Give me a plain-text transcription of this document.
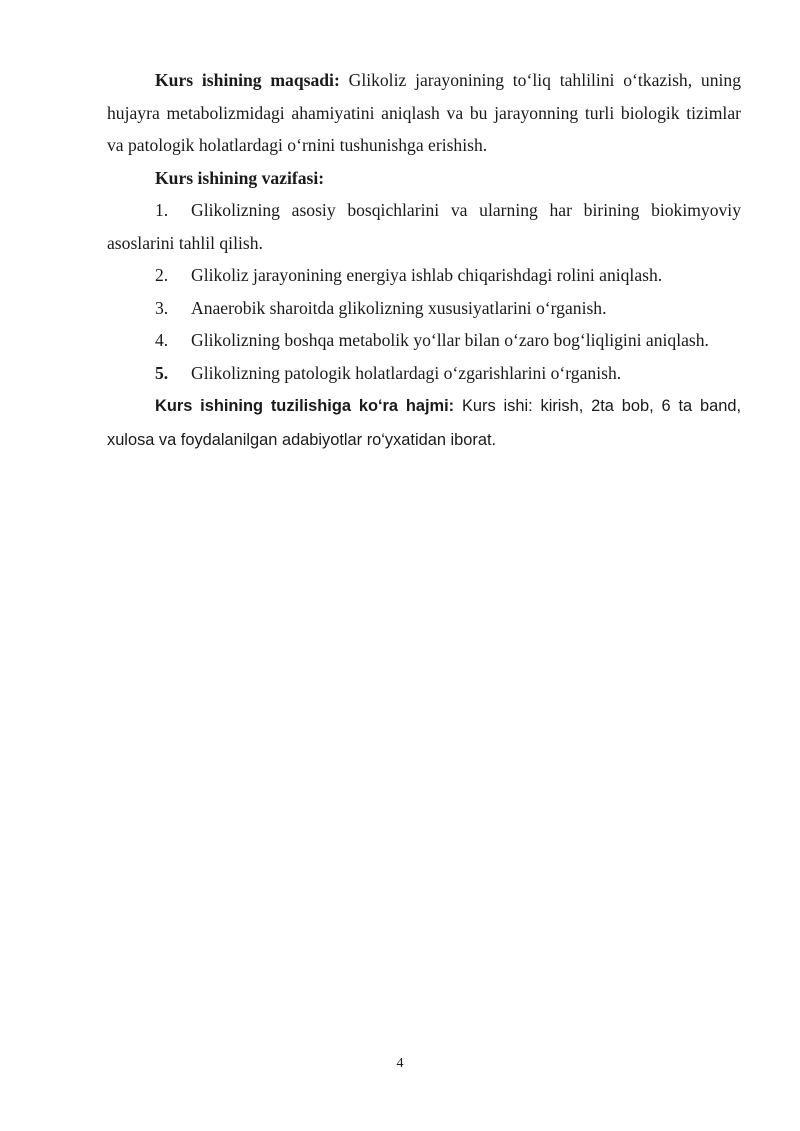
Kurs ishining maqsadi: Glikoliz jarayonining to‘liq tahlilini o‘tkazish, uning hujayra metabolizmidagi ahamiyatini aniqlash va bu jarayonning turli biologik tizimlar va patologik holatlardagi o‘rnini tushunishga erishish.

Kurs ishining vazifasi:

1. Glikolizning asosiy bosqichlarini va ularning har birining biokimyoviy asoslarini tahlil qilish.

2. Glikoliz jarayonining energiya ishlab chiqarishdagi rolini aniqlash.

3. Anaerobik sharoitda glikolizning xususiyatlarini o‘rganish.

4. Glikolizning boshqa metabolik yo‘llar bilan o‘zaro bog‘liqligini aniqlash.

5. Glikolizning patologik holatlardagi o‘zgarishlarini o‘rganish.

Kurs ishining tuzilishiga ko‘ra hajmi: Kurs ishi: kirish, 2ta bob, 6 ta band, xulosa va foydalanilgan adabiyotlar ro‘yxatidan iborat.

4
